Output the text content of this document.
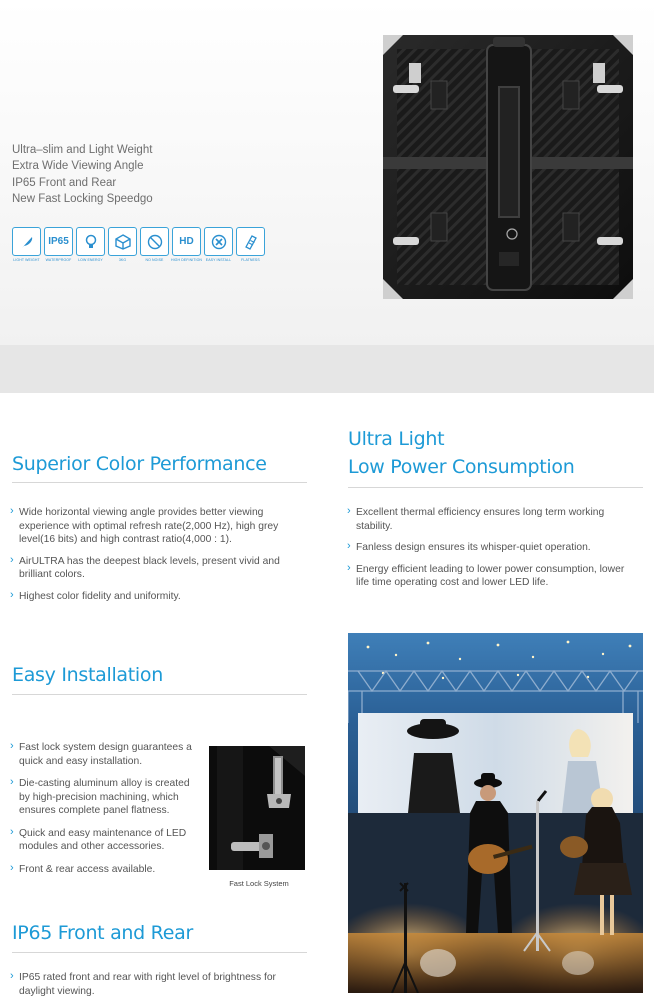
Ultra–slim and Light Weight
Extra Wide Viewing Angle
IP65 Front and Rear
New Fast Locking Speedgo
LIGHT WEIGHT
IP65
WATERPROOF	LOW ENERGY	3KG	NO NOISE
HD
HIGH DEFINITION	EASY INSTALL	FLATNESS
Superior Color Performance
› Wide horizontal viewing angle provides better viewing experience with optimal refresh rate(2,000 Hz), high grey level(16 bits) and high contrast ratio(4,000 : 1).
› AirULTRA has the deepest black levels, present vivid and brilliant colors.
› Highest color fidelity and uniformity.
Ultra Light
Low Power Consumption
› Excellent thermal efficiency ensures long term working stability.
› Fanless design ensures its whisper-quiet operation.
› Energy efficient leading to lower power consumption, lower life time operating cost and lower LED life.
Easy Installation
› Fast lock system design guarantees a quick and easy installation.
› Die-casting aluminum alloy is created by high-precision machining, which ensures complete panel flatness.
› Quick and easy maintenance of LED modules and other accessories.
› Front & rear access available.
Fast Lock System
IP65 Front and Rear
› IP65 rated front and rear with right level of brightness for daylight viewing.
